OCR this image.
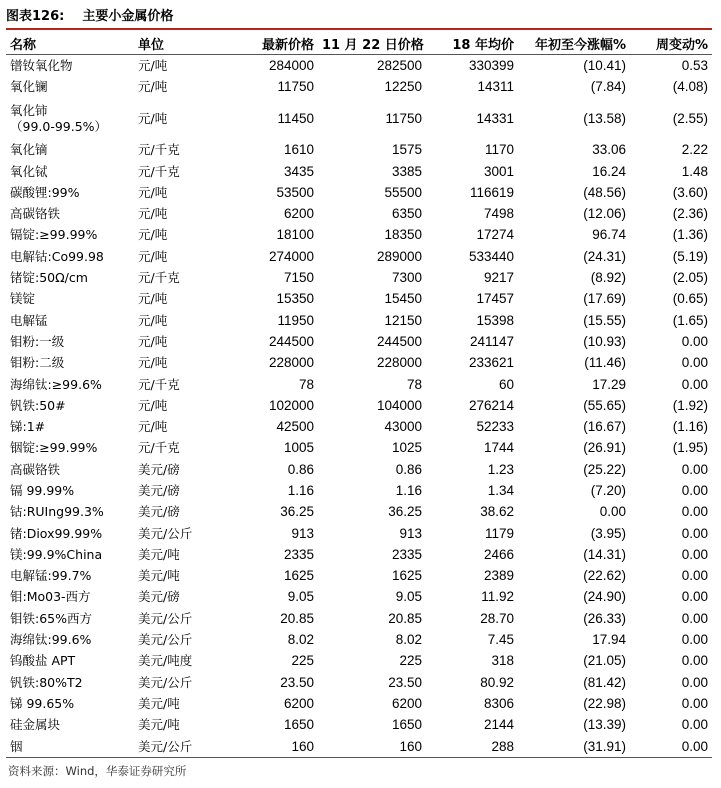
图表126: 主要小金属价格
名称	单位	最新价格	11 月 22 日价格	18 年均价	年初至今涨幅%	周变动%
镨钕氧化物	元/吨	284000	282500	330399	(10.41)	0.53
氧化镧	元/吨	11750	12250	14311	(7.84)	(4.08)

氧化铈
（99.0-99.5%）	元/吨	11450	11750	14331	(13.58)	(2.55)
氧化镝	元/千克	1610	1575	1170	33.06	2.22
氧化铽	元/千克	3435	3385	3001	16.24	1.48
碳酸锂:99%	元/吨	53500	55500	116619	(48.56)	(3.60)
高碳铬铁	元/吨	6200	6350	7498	(12.06)	(2.36)
镉锭:≥99.99%	元/吨	18100	18350	17274	96.74	(1.36)
电解钴:Co99.98	元/吨	274000	289000	533440	(24.31)	(5.19)
锗锭:50Ω/cm	元/千克	7150	7300	9217	(8.92)	(2.05)
镁锭	元/吨	15350	15450	17457	(17.69)	(0.65)
电解锰	元/吨	11950	12150	15398	(15.55)	(1.65)
钼粉:一级	元/吨	244500	244500	241147	(10.93)	0.00
钼粉:二级	元/吨	228000	228000	233621	(11.46)	0.00
海绵钛:≥99.6%	元/千克	78	78	60	17.29	0.00
钒铁:50#	元/吨	102000	104000	276214	(55.65)	(1.92)
锑:1#	元/吨	42500	43000	52233	(16.67)	(1.16)
铟锭:≥99.99%	元/千克	1005	1025	1744	(26.91)	(1.95)
高碳铬铁	美元/磅	0.86	0.86	1.23	(25.22)	0.00
镉 99.99%	美元/磅	1.16	1.16	1.34	(7.20)	0.00
钴:RUIng99.3%	美元/磅	36.25	36.25	38.62	0.00	0.00
锗:Diox99.99%	美元/公斤	913	913	1179	(3.95)	0.00
镁:99.9%China	美元/吨	2335	2335	2466	(14.31)	0.00
电解锰:99.7%	美元/吨	1625	1625	2389	(22.62)	0.00
钼:Mo03-西方	美元/磅	9.05	9.05	11.92	(24.90)	0.00
钼铁:65%西方	美元/公斤	20.85	20.85	28.70	(26.33)	0.00
海绵钛:99.6%	美元/公斤	8.02	8.02	7.45	17.94	0.00
钨酸盐 APT	美元/吨度	225	225	318	(21.05)	0.00
钒铁:80%T2	美元/公斤	23.50	23.50	80.92	(81.42)	0.00
锑 99.65%	美元/吨	6200	6200	8306	(22.98)	0.00
硅金属块	美元/吨	1650	1650	2144	(13.39)	0.00
铟	美元/公斤	160	160	288	(31.91)	0.00
资料来源：Wind，华泰证券研究所
